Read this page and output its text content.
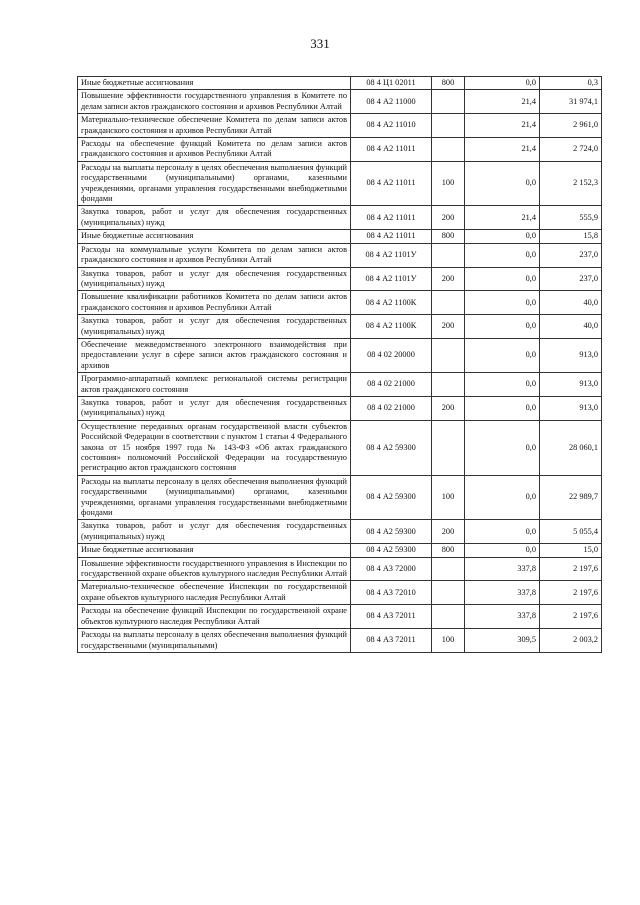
331
Иные бюджетные ассигнования	08 4 Ц1 02011	800	0,0	0,3
Повышение эффективности государственного управления в Комитете по делам записи актов гражданского состояния и архивов Республики Алтай	08 4 А2 11000		21,4	31 974,1
Материально-техническое обеспечение Комитета по делам записи актов гражданского состояния и архивов Республики Алтай	08 4 А2 11010		21,4	2 961,0
Расходы на обеспечение функций Комитета по делам записи актов гражданского состояния и архивов Республики Алтай	08 4 А2 11011		21,4	2 724,0
Расходы на выплаты персоналу в целях обеспечения выполнения функций государственными (муниципальными) органами, казенными учреждениями, органами управления государственными внебюджетными фондами	08 4 А2 11011	100	0,0	2 152,3
Закупка товаров, работ и услуг для обеспечения государственных (муниципальных) нужд	08 4 А2 11011	200	21,4	555,9
Иные бюджетные ассигнования	08 4 А2 11011	800	0,0	15,8
Расходы на коммунальные услуги Комитета по делам записи актов гражданского состояния и архивов Республики Алтай	08 4 А2 1101У		0,0	237,0
Закупка товаров, работ и услуг для обеспечения государственных (муниципальных) нужд	08 4 А2 1101У	200	0,0	237,0
Повышение квалификации работников Комитета по делам записи актов гражданского состояния и архивов Республики Алтай	08 4 А2 1100К		0,0	40,0
Закупка товаров, работ и услуг для обеспечения государственных (муниципальных) нужд	08 4 А2 1100К	200	0,0	40,0
Обеспечение межведомственного электронного взаимодействия при предоставлении услуг в сфере записи актов гражданского состояния и архивов	08 4 02 20000		0,0	913,0
Программно-аппаратный комплекс региональной системы регистрации актов гражданского состояния	08 4 02 21000		0,0	913,0
Закупка товаров, работ и услуг для обеспечения государственных (муниципальных) нужд	08 4 02 21000	200	0,0	913,0
Осуществление переданных органам государственной власти субъектов Российской Федерации в соответствии с пунктом 1 статьи 4 Федерального закона от 15 ноября 1997 года № 143-ФЗ «Об актах гражданского состояния» полномочий Российской Федерации на государственную регистрацию актов гражданского состояния	08 4 А2 59300		0,0	28 060,1
Расходы на выплаты персоналу в целях обеспечения выполнения функций государственными (муниципальными) органами, казенными учреждениями, органами управления государственными внебюджетными фондами	08 4 А2 59300	100	0,0	22 989,7
Закупка товаров, работ и услуг для обеспечения государственных (муниципальных) нужд	08 4 А2 59300	200	0,0	5 055,4
Иные бюджетные ассигнования	08 4 А2 59300	800	0,0	15,0
Повышение эффективности государственного управления в Инспекции по государственной охране объектов культурного наследия Республики Алтай	08 4 А3 72000		337,8	2 197,6
Материально-техническое обеспечение Инспекции по государственной охране объектов культурного наследия Республики Алтай	08 4 А3 72010		337,8	2 197,6
Расходы на обеспечение функций Инспекции по государственной охране объектов культурного наследия Республики Алтай	08 4 А3 72011		337,8	2 197,6
Расходы на выплаты персоналу в целях обеспечения выполнения функций государственными (муниципальными)	08 4 А3 72011	100	309,5	2 003,2
